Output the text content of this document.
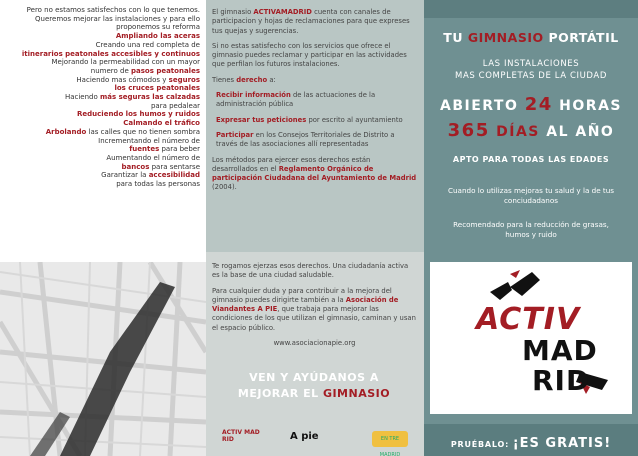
Pero no estamos satisfechos con lo que tenemos.

Queremos mejorar las instalaciones y para ello

proponemos su reforma

Ampliando las aceras

Creando una red completa de

itinerarios peatonales accesibles y continuos

Mejorando la permeabilidad con un mayor

numero de pasos peatonales

Haciendo mas cómodos y seguros

los cruces peatonales

Haciendo más seguras las calzadas

para pedalear

Reduciendo los humos y ruidos

Calmando el tráfico

Arbolando las calles que no tienen sombra

Incrementando el número de

fuentes para beber

Aumentando el número de

bancos para sentarse

Garantizar la accesibilidad

para todas las personas

El gimnasio ACTIVAMADRID cuenta con canales de participacion y hojas de reclamaciones para que expreses tus quejas y sugerencias.

Si no estas satisfecho con los servicios que ofrece el gimnasio puedes reclamar y participar en las actividades que perfilan los futuros instalaciones.

Tienes derecho a:

Recibir información de las actuaciones de la administración pública

Expresar tus peticiones por escrito al ayuntamiento

Participar en los Consejos Territoriales de Distrito a través de las asociaciones allí representadas

Los métodos para ejercer esos derechos están desarrollados en el Reglamento Orgánico de participación Ciudadana del Ayuntamiento de Madrid (2004).

Te rogamos ejerzas esos derechos. Una ciudadanía activa es la base de una ciudad saludable.

Para cualquier duda y para contribuir a la mejora del gimnasio puedes dirigirte también a la Asociación de Viandantes A PIE, que trabaja para mejorar las condiciones de los que utilizan el gimnasio, caminan y usan el espacio público.

www.asociacionapie.org

VEN Y AYÚDANOS A
MEJORAR EL GIMNASIO
ACTIV MAD RID	A pie	EN TRE MADRID
TU GIMNASIO PORTÁTIL
LAS INSTALACIONES
MAS COMPLETAS DE LA CIUDAD
ABIERTO 24 HORAS
365 DÍAS AL AÑO
APTO PARA TODAS LAS EDADES
Cuando lo utilizas mejoras tu salud y la de tus conciudadanos
Recomendado para la reducción de grasas, humos y ruido
ACTIV
MAD
RID
PRUÉBALO: ¡ES GRATIS!
